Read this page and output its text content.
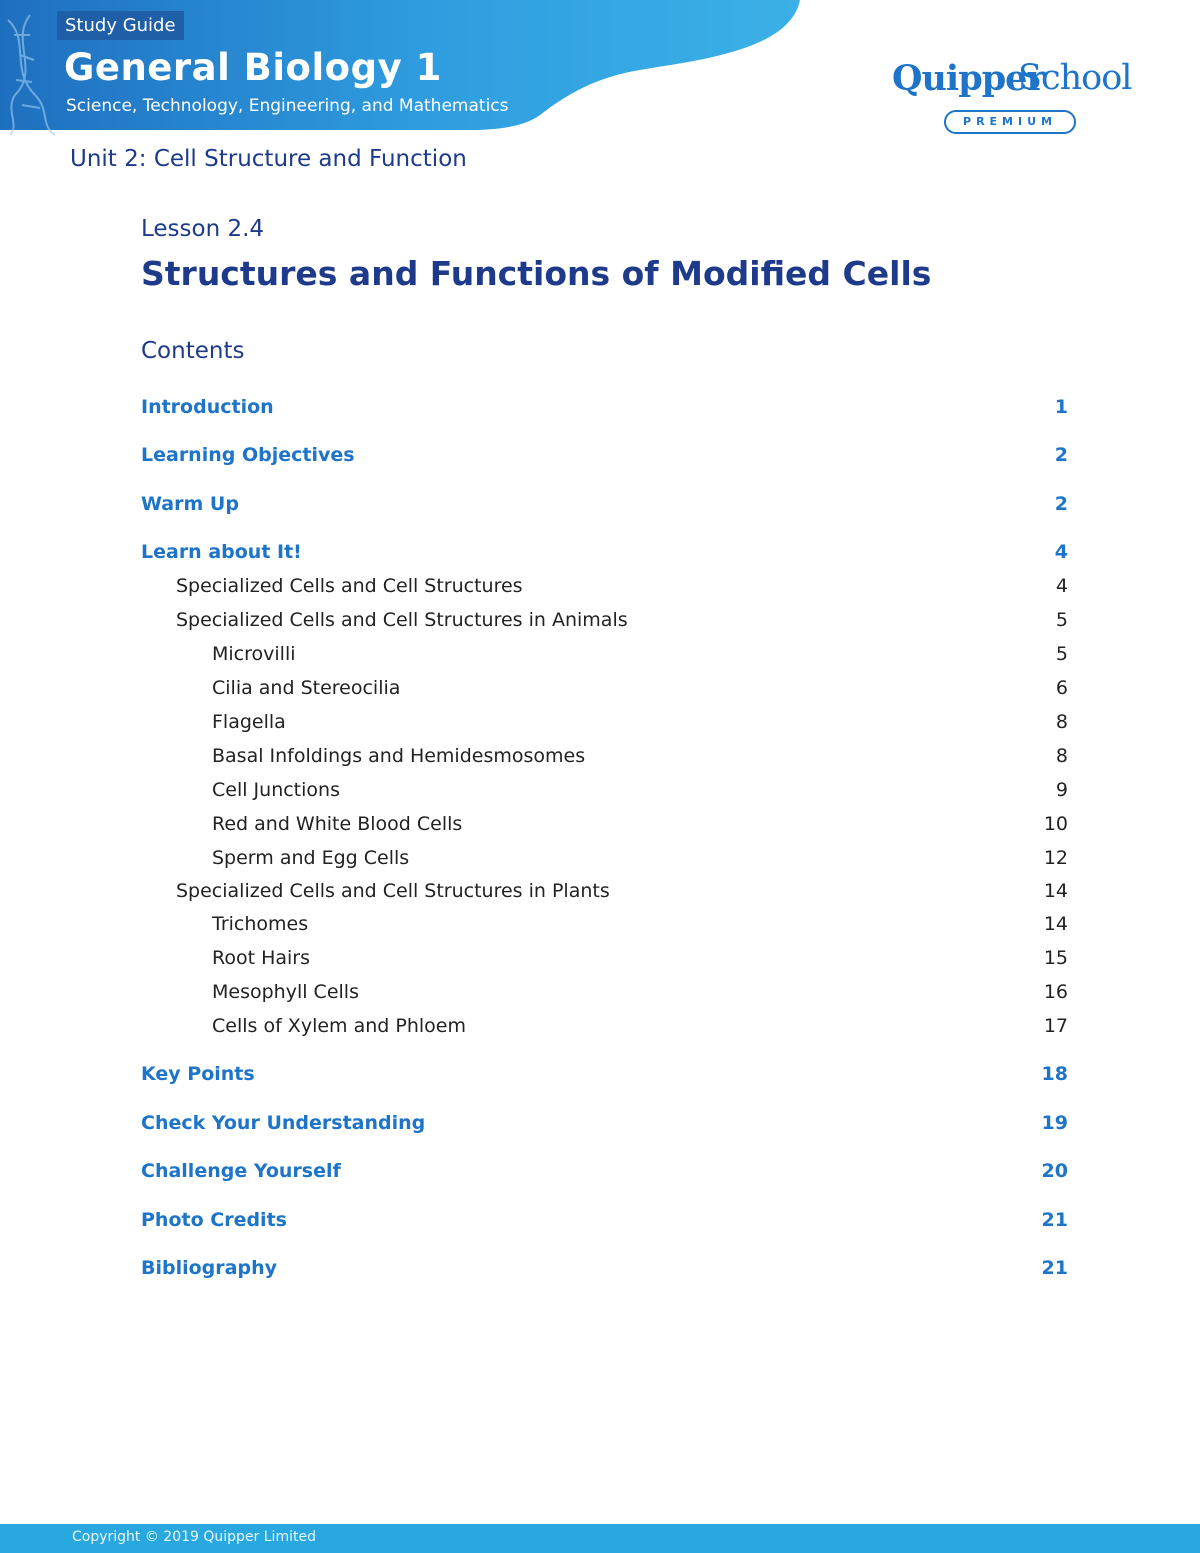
Study Guide
General Biology 1
Science, Technology, Engineering, and Mathematics
Quipper
School
PREMIUM
Unit 2: Cell Structure and Function
Lesson 2.4
Structures and Functions of Modified Cells
Contents
Introduction	1
Learning Objectives	2
Warm Up	2
Learn about It!	4
Specialized Cells and Cell Structures	4
Specialized Cells and Cell Structures in Animals	5
Microvilli	5
Cilia and Stereocilia	6
Flagella	8
Basal Infoldings and Hemidesmosomes	8
Cell Junctions	9
Red and White Blood Cells	10
Sperm and Egg Cells	12
Specialized Cells and Cell Structures in Plants	14
Trichomes	14
Root Hairs	15
Mesophyll Cells	16
Cells of Xylem and Phloem	17
Key Points	18
Check Your Understanding	19
Challenge Yourself	20
Photo Credits	21
Bibliography	21
Copyright © 2019 Quipper Limited
